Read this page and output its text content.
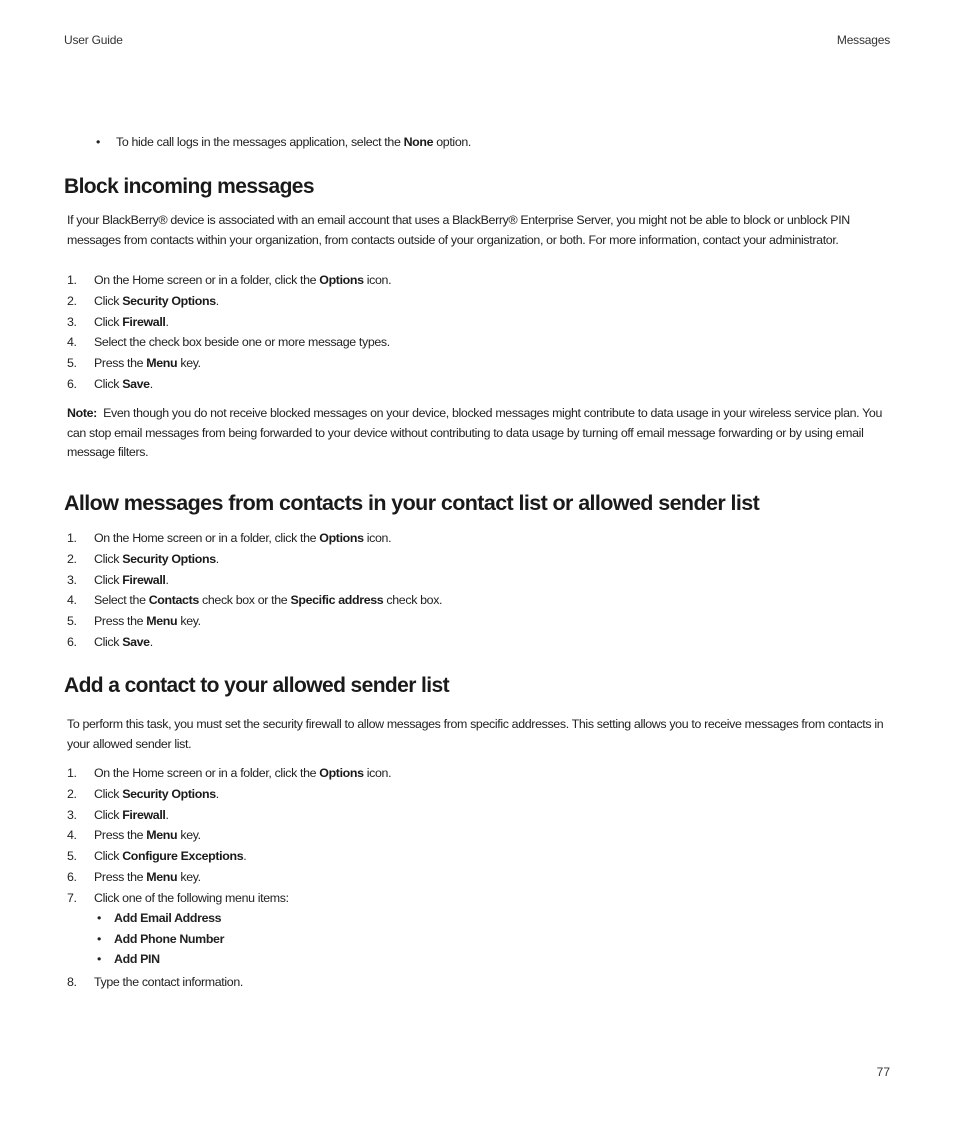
User Guide	Messages
• To hide call logs in the messages application, select the None option.
Block incoming messages
If your BlackBerry® device is associated with an email account that uses a BlackBerry® Enterprise Server, you might not be able to block or unblock PIN messages from contacts within your organization, from contacts outside of your organization, or both. For more information, contact your administrator.
1. On the Home screen or in a folder, click the Options icon.
2. Click Security Options.
3. Click Firewall.
4. Select the check box beside one or more message types.
5. Press the Menu key.
6. Click Save.
Note: Even though you do not receive blocked messages on your device, blocked messages might contribute to data usage in your wireless service plan. You can stop email messages from being forwarded to your device without contributing to data usage by turning off email message forwarding or by using email message filters.
Allow messages from contacts in your contact list or allowed sender list
1. On the Home screen or in a folder, click the Options icon.
2. Click Security Options.
3. Click Firewall.
4. Select the Contacts check box or the Specific address check box.
5. Press the Menu key.
6. Click Save.
Add a contact to your allowed sender list
To perform this task, you must set the security firewall to allow messages from specific addresses. This setting allows you to receive messages from contacts in your allowed sender list.
1. On the Home screen or in a folder, click the Options icon.
2. Click Security Options.
3. Click Firewall.
4. Press the Menu key.
5. Click Configure Exceptions.
6. Press the Menu key.
7. Click one of the following menu items:
• Add Email Address
• Add Phone Number
• Add PIN
8. Type the contact information.
77
